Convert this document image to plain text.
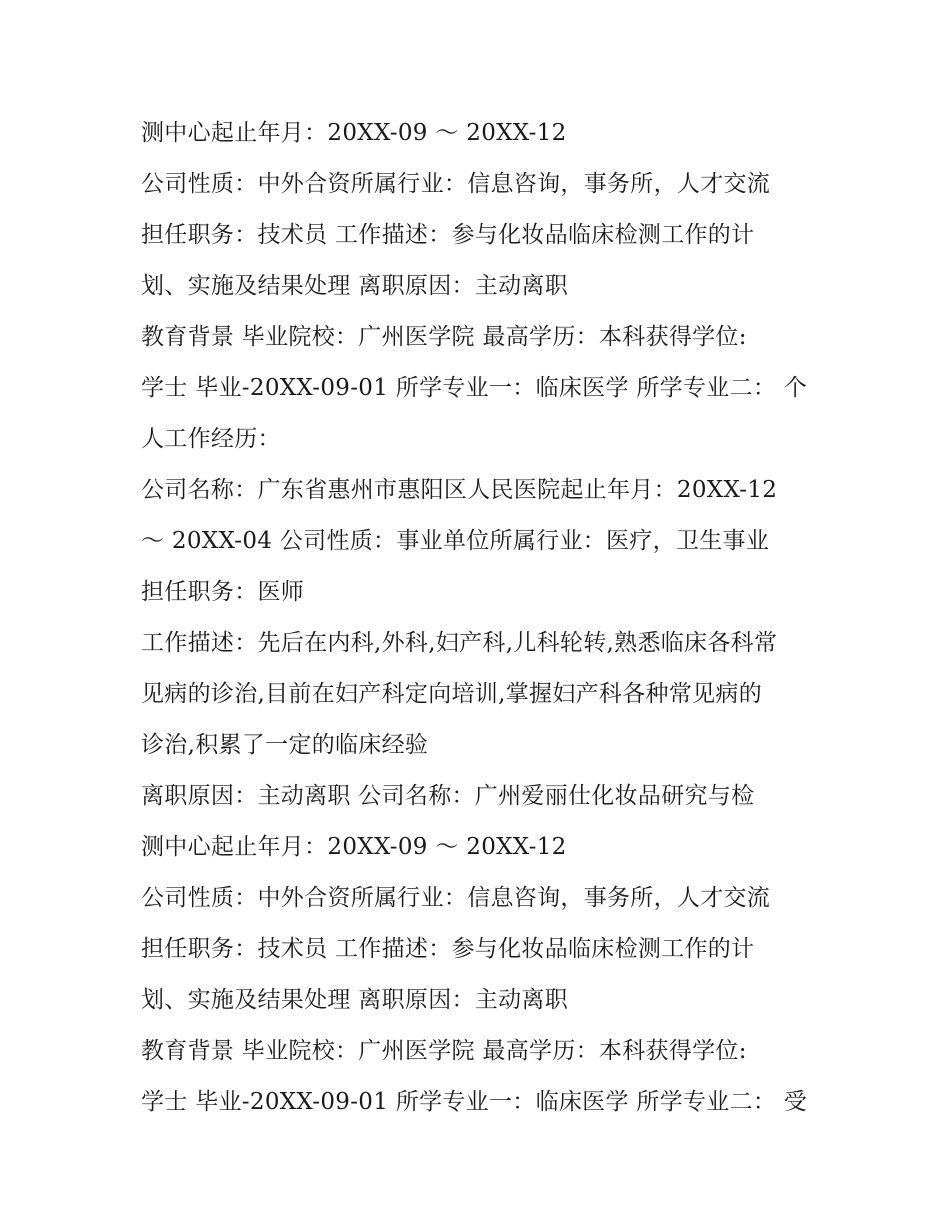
测中心起止年月：20XX-09 ～ 20XX-12
公司性质：中外合资所属行业：信息咨询，事务所，人才交流
担任职务：技术员 工作描述：参与化妆品临床检测工作的计
划、实施及结果处理 离职原因：主动离职
教育背景 毕业院校：广州医学院 最高学历：本科获得学位:
学士 毕业-20XX-09-01 所学专业一：临床医学 所学专业二： 个
人工作经历：
公司名称：广东省惠州市惠阳区人民医院起止年月：20XX-12
～ 20XX-04 公司性质：事业单位所属行业：医疗，卫生事业
担任职务：医师
工作描述：先后在内科,外科,妇产科,儿科轮转,熟悉临床各科常
见病的诊治,目前在妇产科定向培训,掌握妇产科各种常见病的
诊治,积累了一定的临床经验
离职原因：主动离职 公司名称：广州爱丽仕化妆品研究与检
测中心起止年月：20XX-09 ～ 20XX-12
公司性质：中外合资所属行业：信息咨询，事务所，人才交流
担任职务：技术员 工作描述：参与化妆品临床检测工作的计
划、实施及结果处理 离职原因：主动离职
教育背景 毕业院校：广州医学院 最高学历：本科获得学位:
学士 毕业-20XX-09-01 所学专业一：临床医学 所学专业二： 受
